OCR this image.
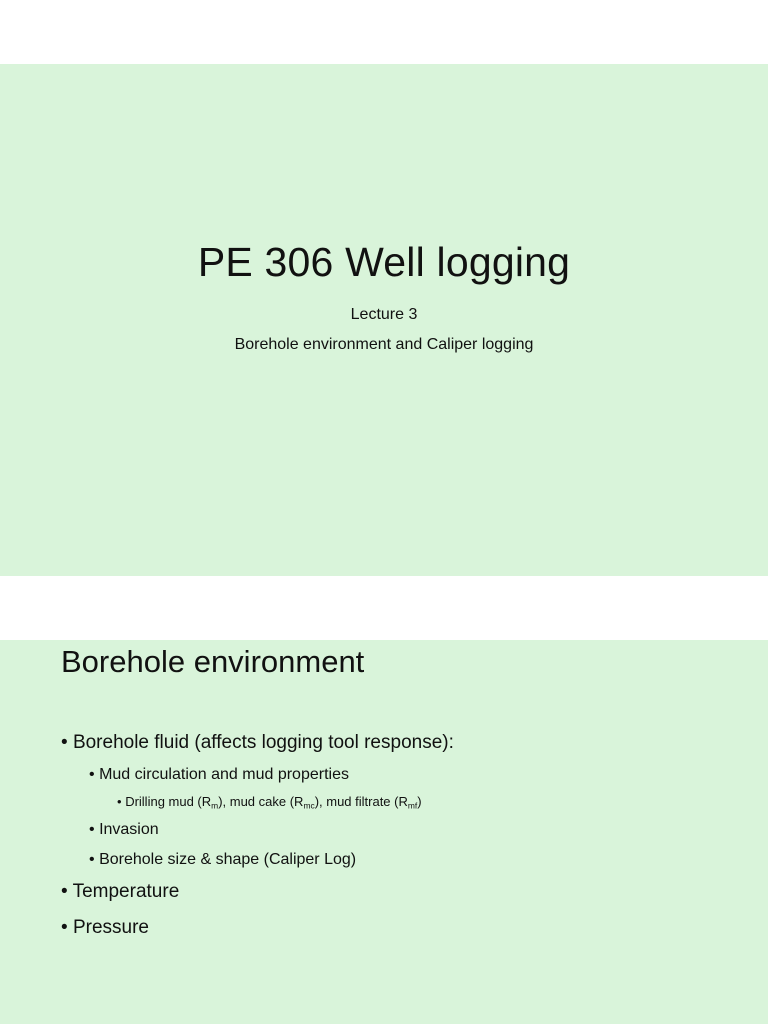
PE 306 Well logging
Lecture 3
Borehole environment and Caliper logging
Borehole environment
• Borehole fluid (affects logging tool response):
• Mud circulation and mud properties
• Drilling mud $(R_m)$, mud cake $(R_{mc})$, mud filtrate $(R_{mf})$
• Invasion
• Borehole size & shape (Caliper Log)
• Temperature
• Pressure
